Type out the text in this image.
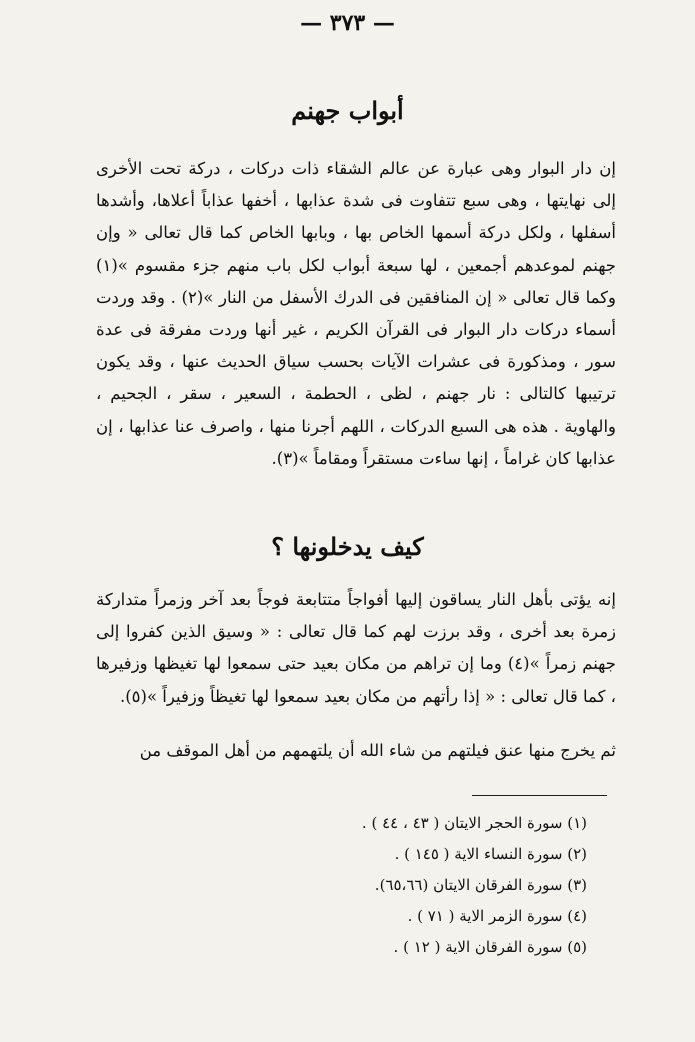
— ٣٧٣ —
أبواب جهنم
إن دار البوار وهى عبارة عن عالم الشقاء ذات دركات ، دركة تحت الأخرى إلى نهايتها ، وهى سبع تتفاوت فى شدة عذابها ، أخفها عذاباً أعلاها، وأشدها أسفلها ، ولكل دركة أسمها الخاص بها ، وبابها الخاص كما قال تعالى « وإن جهنم لموعدهم أجمعين ، لها سبعة أبواب لكل باب منهم جزء مقسوم »(١) وكما قال تعالى « إن المنافقين فى الدرك الأسفل من النار »(٢) . وقد وردت أسماء دركات دار البوار فى القرآن الكريم ، غير أنها وردت مفرقة فى عدة سور ، ومذكورة فى عشرات الآيات بحسب سياق الحديث عنها ، وقد يكون ترتيبها كالتالى : نار جهنم ، لظى ، الحطمة ، السعير ، سقر ، الجحيم ، والهاوية . هذه هى السبع الدركات ، اللهم أجرنا منها ، واصرف عنا عذابها ، إن عذابها كان غراماً ، إنها ساءت مستقراً ومقاماً »(٣).
كيف يدخلونها ؟
إنه يؤتى بأهل النار يساقون إليها أفواجاً متتابعة فوجاً بعد آخر وزمراً متداركة زمرة بعد أخرى ، وقد برزت لهم كما قال تعالى : « وسيق الذين كفروا إلى جهنم زمراً »(٤) وما إن تراهم من مكان بعيد حتى سمعوا لها تغيظها وزفيرها ، كما قال تعالى : « إذا رأتهم من مكان بعيد سمعوا لها تغيظاً وزفيراً »(٥).
ثم يخرج منها عنق فيلتهم من شاء الله أن يلتهمهم من أهل الموقف من
(١) سورة الحجر الايتان ( ٤٣ ، ٤٤ ) .
(٢) سورة النساء الاية ( ١٤٥ ) .
(٣) سورة الفرقان الايتان (٦٥،٦٦).
(٤) سورة الزمر الاية ( ٧١ ) .
(٥) سورة الفرقان الاية ( ١٢ ) .
